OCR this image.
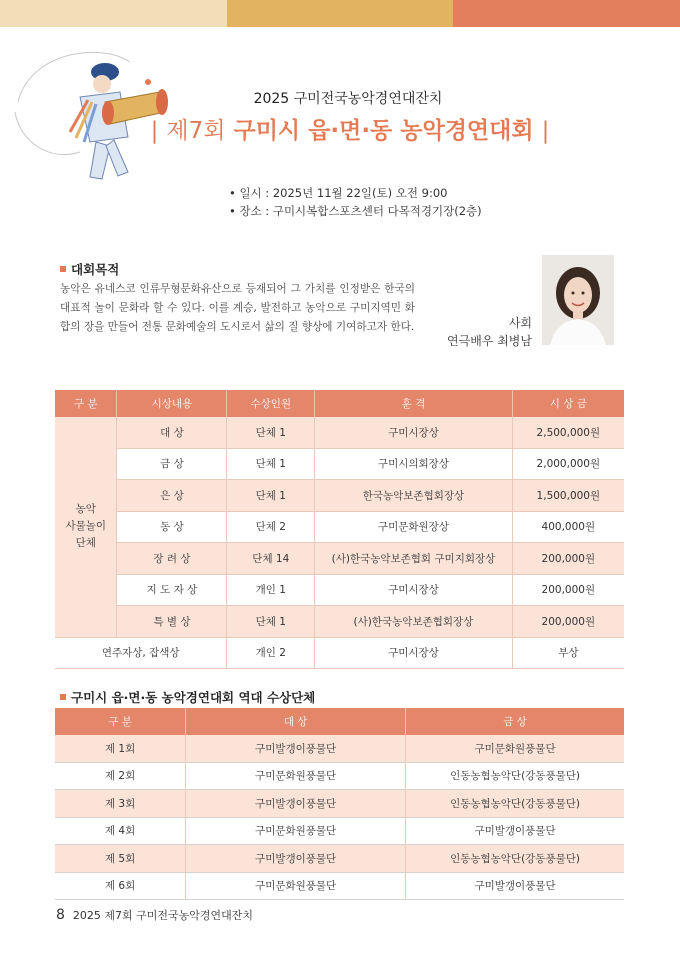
2025 구미전국농악경연대잔치
| 제7회 구미시 읍·면·동 농악경연대회 |
• 일시 : 2025년 11월 22일(토) 오전 9:00
• 장소 : 구미시복합스포츠센터 다목적경기장(2층)
대회목적
농악은 유네스코 인류무형문화유산으로 등재되어 그 가치를 인정받은 한국의 대표적 놀이 문화라 할 수 있다. 이를 계승, 발전하고 농악으로 구미지역민 화합의 장을 만들어 전통 문화예술의 도시로서 삶의 질 향상에 기여하고자 한다.	사회
연극배우 최병남
구 분	시상내용	수상인원	훈 격	시 상 금

농악
사물놀이
단체	대 상	단체 1	구미시장상	2,500,000원
	금 상	단체 1	구미시의회장상	2,000,000원
	은 상	단체 1	한국농악보존협회장상	1,500,000원
	동 상	단체 2	구미문화원장상	400,000원
	장 려 상	단체 14	(사)한국농악보존협회 구미지회장상	200,000원
	지 도 자 상	개인 1	구미시장상	200,000원
	특 별 상	단체 1	(사)한국농악보존협회장상	200,000원
연주자상, 잡색상		개인 2	구미시장상	부상
구미시 읍·면·동 농악경연대회 역대 수상단체
구 분	대 상	금 상
제 1회	구미발갱이풍물단	구미문화원풍물단
제 2회	구미문화원풍물단	인동농협농악단(강동풍물단)
제 3회	구미발갱이풍물단	인동농협농악단(강동풍물단)
제 4회	구미문화원풍물단	구미발갱이풍물단
제 5회	구미발갱이풍물단	인동농협농악단(강동풍물단)
제 6회	구미문화원풍물단	구미발갱이풍물단
8 2025 제7회 구미전국농악경연대잔치
